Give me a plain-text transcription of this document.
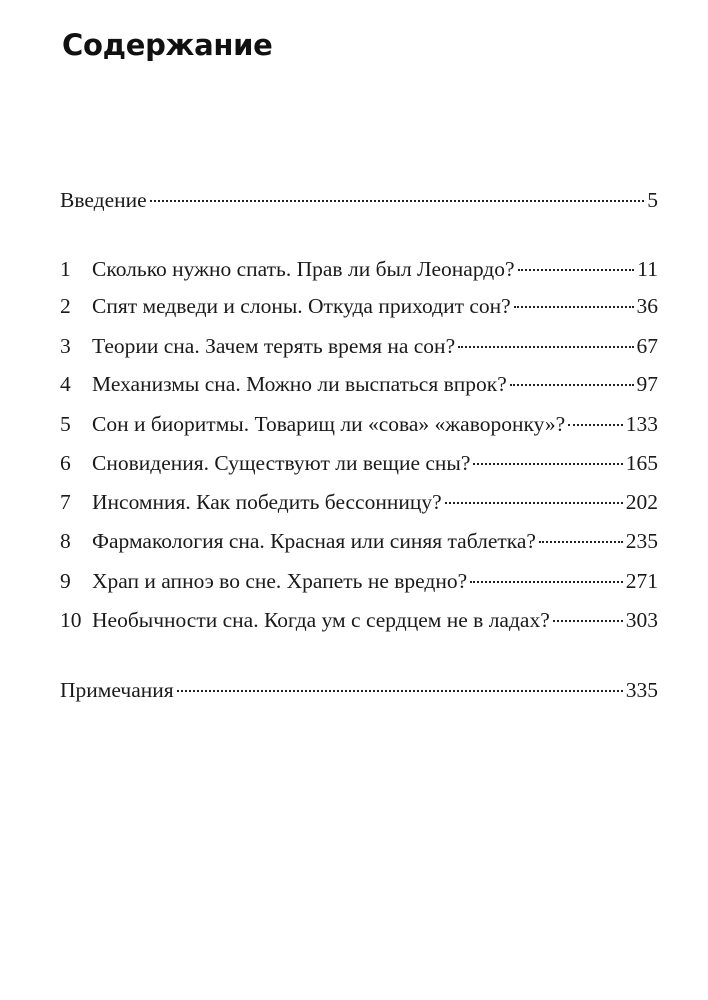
Содержание
Введение	5
1 Сколько нужно спать. Прав ли был Леонардо?	11
2 Спят медведи и слоны. Откуда приходит сон?	36
3 Теории сна. Зачем терять время на сон?	67
4 Механизмы сна. Можно ли выспаться впрок?	97
5 Сон и биоритмы. Товарищ ли «сова» «жаворонку»?	133
6 Сновидения. Существуют ли вещие сны?	165
7 Инсомния. Как победить бессонницу?	202
8 Фармакология сна. Красная или синяя таблетка?	235
9 Храп и апноэ во сне. Храпеть не вредно?	271
10 Необычности сна. Когда ум с сердцем не в ладах?	303
Примечания	335
